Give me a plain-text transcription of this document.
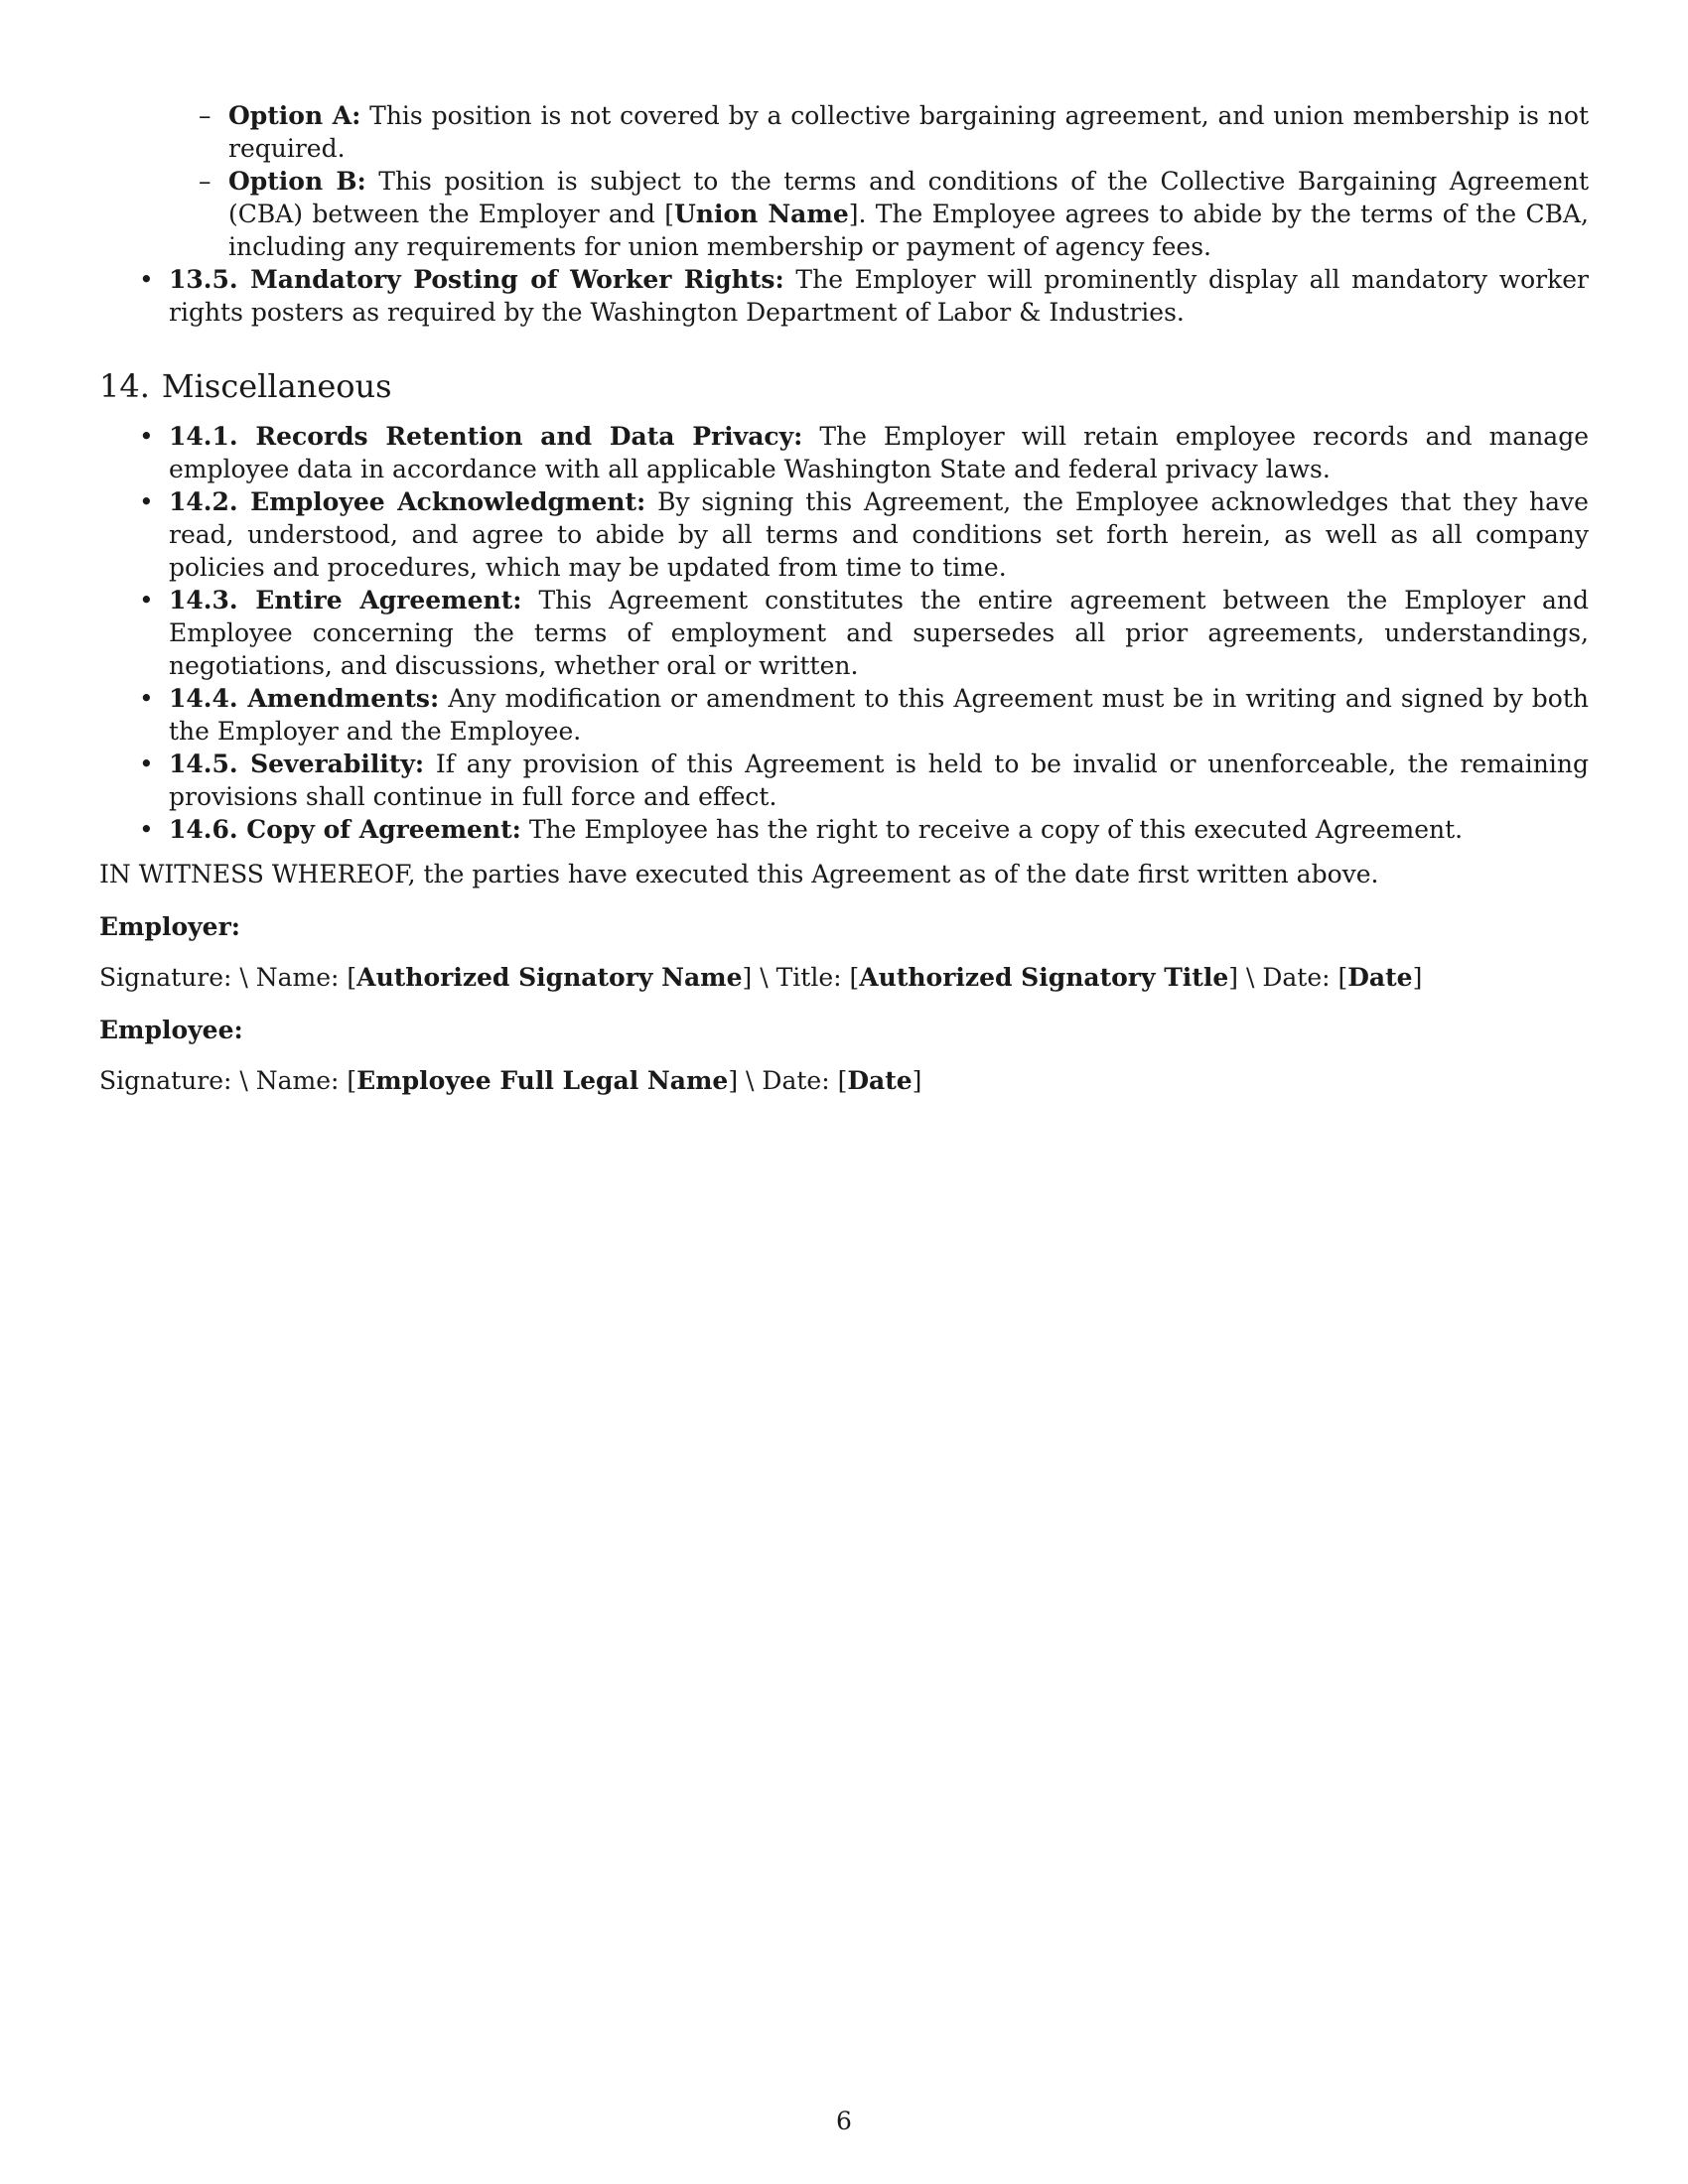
– Option A: This position is not covered by a collective bargaining agreement, and union membership is not required.
– Option B: This position is subject to the terms and conditions of the Collective Bargaining Agreement (CBA) between the Employer and [Union Name]. The Employee agrees to abide by the terms of the CBA, including any requirements for union membership or payment of agency fees.
• 13.5. Mandatory Posting of Worker Rights: The Employer will prominently display all mandatory worker rights posters as required by the Washington Department of Labor & Industries.
14. Miscellaneous
• 14.1. Records Retention and Data Privacy: The Employer will retain employee records and manage employee data in accordance with all applicable Washington State and federal privacy laws.
• 14.2. Employee Acknowledgment: By signing this Agreement, the Employee acknowledges that they have read, understood, and agree to abide by all terms and conditions set forth herein, as well as all company policies and procedures, which may be updated from time to time.
• 14.3. Entire Agreement: This Agreement constitutes the entire agreement between the Employer and Employee concerning the terms of employment and supersedes all prior agreements, understandings, negotiations, and discussions, whether oral or written.
• 14.4. Amendments: Any modification or amendment to this Agreement must be in writing and signed by both the Employer and the Employee.
• 14.5. Severability: If any provision of this Agreement is held to be invalid or unenforceable, the remaining provisions shall continue in full force and effect.
• 14.6. Copy of Agreement: The Employee has the right to receive a copy of this executed Agreement.

IN WITNESS WHEREOF, the parties have executed this Agreement as of the date first written above.

Employer:

Signature: \ Name: [Authorized Signatory Name] \ Title: [Authorized Signatory Title] \ Date: [Date]

Employee:

Signature: \ Name: [Employee Full Legal Name] \ Date: [Date]

6
